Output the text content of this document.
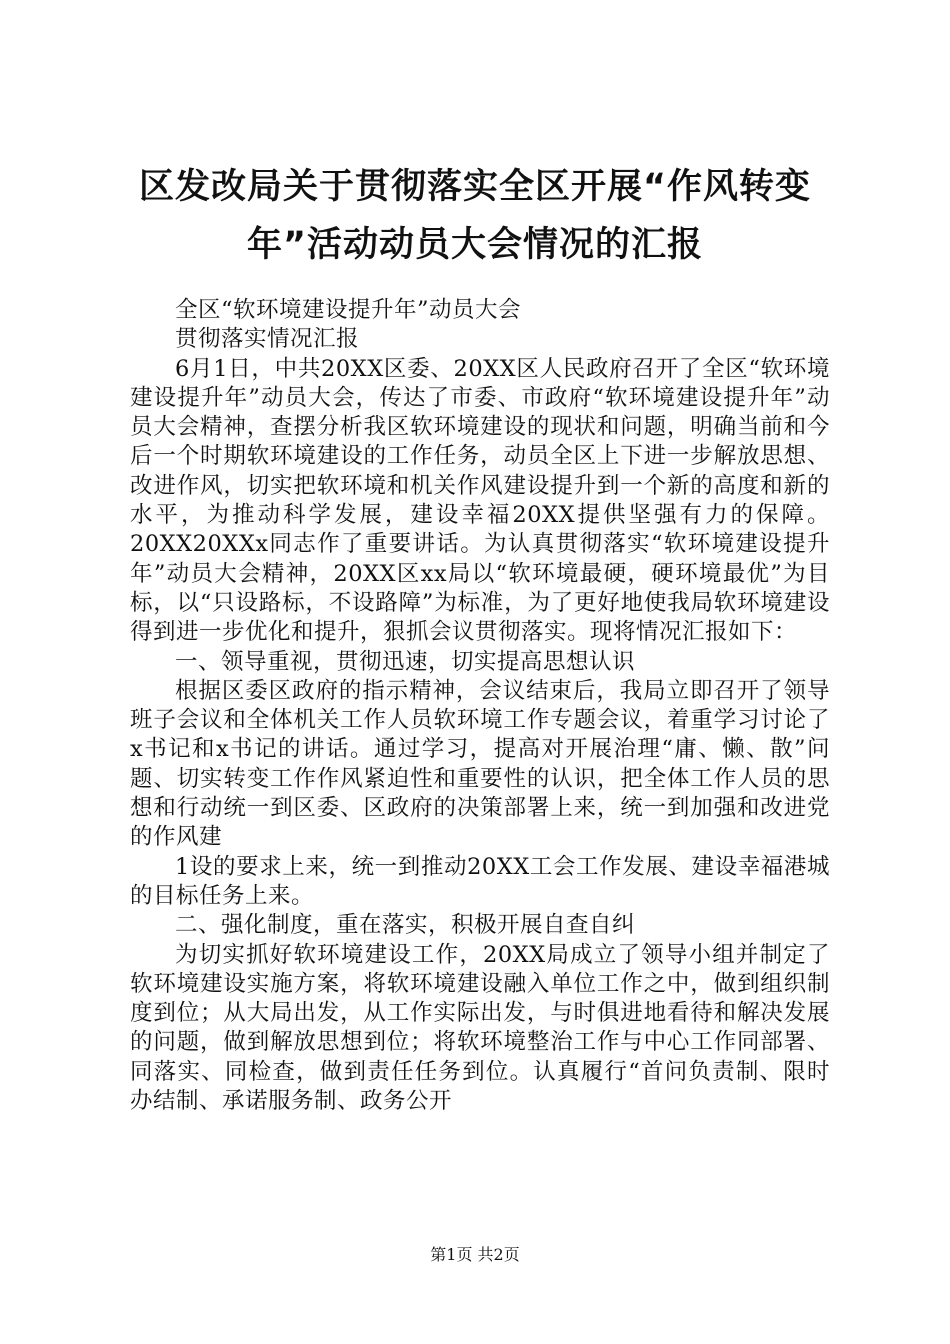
区发改局关于贯彻落实全区开展“作风转变年”活动动员大会情况的汇报

全区“软环境建设提升年”动员大会

贯彻落实情况汇报

6月1日，中共20XX区委、20XX区人民政府召开了全区“软环境建设提升年”动员大会，传达了市委、市政府“软环境建设提升年”动员大会精神，查摆分析我区软环境建设的现状和问题，明确当前和今后一个时期软环境建设的工作任务，动员全区上下进一步解放思想、改进作风，切实把软环境和机关作风建设提升到一个新的高度和新的水平，为推动科学发展，建设幸福20XX提供坚强有力的保障。20XX20XXx同志作了重要讲话。为认真贯彻落实“软环境建设提升年”动员大会精神，20XX区xx局以“软环境最硬，硬环境最优”为目标，以“只设路标，不设路障”为标准，为了更好地使我局软环境建设得到进一步优化和提升，狠抓会议贯彻落实。现将情况汇报如下：

一、领导重视，贯彻迅速，切实提高思想认识

根据区委区政府的指示精神，会议结束后，我局立即召开了领导班子会议和全体机关工作人员软环境工作专题会议，着重学习讨论了x书记和x书记的讲话。通过学习，提高对开展治理“庸、懒、散”问题、切实转变工作作风紧迫性和重要性的认识，把全体工作人员的思想和行动统一到区委、区政府的决策部署上来，统一到加强和改进党的作风建

1设的要求上来，统一到推动20XX工会工作发展、建设幸福港城的目标任务上来。

二、强化制度，重在落实，积极开展自查自纠

为切实抓好软环境建设工作，20XX局成立了领导小组并制定了软环境建设实施方案，将软环境建设融入单位工作之中，做到组织制度到位；从大局出发，从工作实际出发，与时俱进地看待和解决发展的问题，做到解放思想到位；将软环境整治工作与中心工作同部署、同落实、同检查，做到责任任务到位。认真履行“首问负责制、限时办结制、承诺服务制、政务公开

第1页 共2页
